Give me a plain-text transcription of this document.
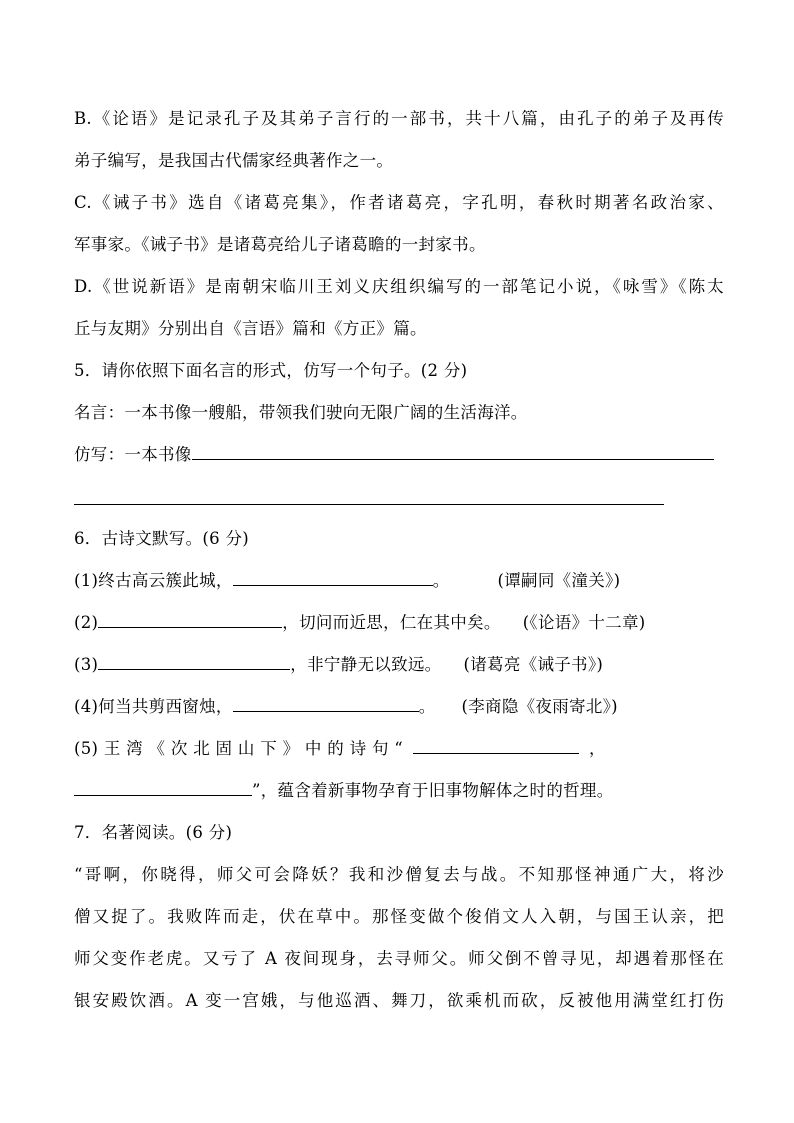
B.《论语》是记录孔子及其弟子言行的一部书，共十八篇，由孔子的弟子及再传
弟子编写，是我国古代儒家经典著作之一。
C.《诫子书》选自《诸葛亮集》，作者诸葛亮，字孔明，春秋时期著名政治家、
军事家。《诫子书》是诸葛亮给儿子诸葛瞻的一封家书。
D.《世说新语》是南朝宋临川王刘义庆组织编写的一部笔记小说，《咏雪》《陈太
丘与友期》分别出自《言语》篇和《方正》篇。
5．请你依照下面名言的形式，仿写一个句子。(2 分)
名言：一本书像一艘船，带领我们驶向无限广阔的生活海洋。
仿写：一本书像
6．古诗文默写。(6 分)
(1)终古高云簇此城，	。	(谭嗣同《潼关》)
(2)	，切问而近思，仁在其中矣。 (《论语》十二章)
(3)	，非宁静无以致远。 (诸葛亮《诫子书》)
(4)何当共剪西窗烛，	。 (李商隐《夜雨寄北》)
(5) 王 湾 《 次 北 固 山 下 》 中 的 诗 句 “	，
”，蕴含着新事物孕育于旧事物解体之时的哲理。
7．名著阅读。(6 分)
“哥啊，你晓得，师父可会降妖？我和沙僧复去与战。不知那怪神通广大，将沙
僧又捉了。我败阵而走，伏在草中。那怪变做个俊俏文人入朝，与国王认亲，把
师父变作老虎。又亏了 A 夜间现身，去寻师父。师父倒不曾寻见，却遇着那怪在
银安殿饮酒。A 变一宫娥，与他巡酒、舞刀，欲乘机而砍，反被他用满堂红打伤
